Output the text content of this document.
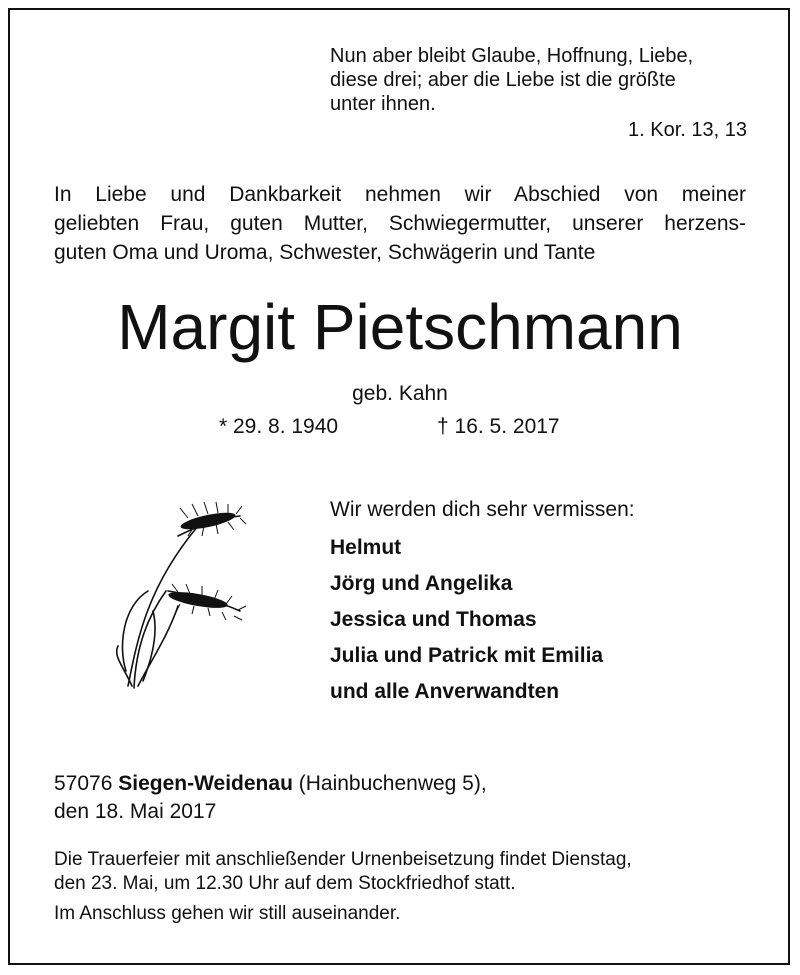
Nun aber bleibt Glaube, Hoffnung, Liebe,
diese drei; aber die Liebe ist die größte
unter ihnen.
1. Kor. 13, 13
In Liebe und Dankbarkeit nehmen wir Abschied von meiner
geliebten Frau, guten Mutter, Schwiegermutter, unserer herzens-
guten Oma und Uroma, Schwester, Schwägerin und Tante
Margit Pietschmann
geb. Kahn
* 29. 8. 1940	† 16. 5. 2017
Wir werden dich sehr vermissen:
Helmut
Jörg und Angelika
Jessica und Thomas
Julia und Patrick mit Emilia
und alle Anverwandten
57076 Siegen-Weidenau (Hainbuchenweg 5),
den 18. Mai 2017
Die Trauerfeier mit anschließender Urnenbeisetzung findet Dienstag,
den 23. Mai, um 12.30 Uhr auf dem Stockfriedhof statt.
Im Anschluss gehen wir still auseinander.
